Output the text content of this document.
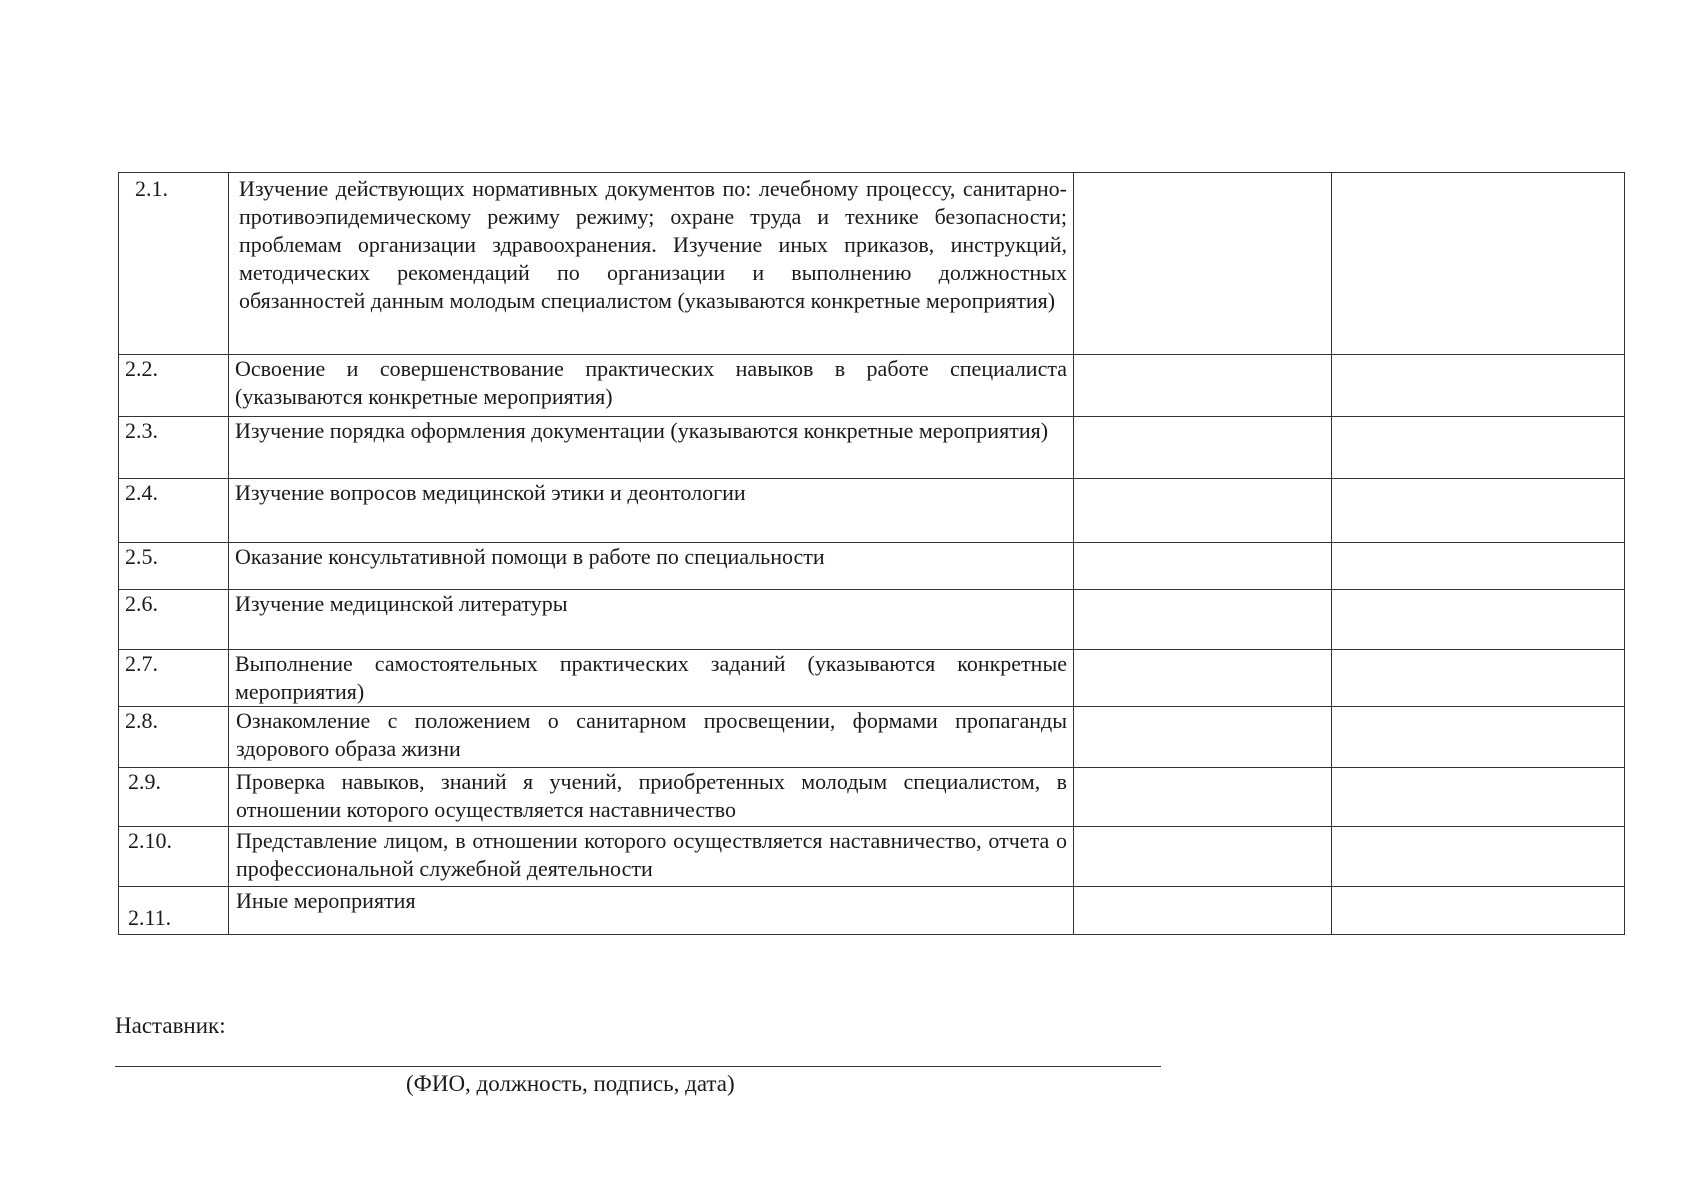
2.1.	Изучение действующих нормативных документов по: лечебному процессу, санитарно-противоэпидемическому режиму режиму; охране труда и технике безопасности; проблемам организации здравоохранения. Изучение иных приказов, инструкций, методических рекомендаций по организации и выполнению должностных обязанностей данным молодым специалистом (указываются конкретные мероприятия)		
2.2.	Освоение и совершенствование практических навыков в работе специалиста (указываются конкретные мероприятия)		
2.3.	Изучение порядка оформления документации (указываются конкретные мероприятия)		
2.4.	Изучение вопросов медицинской этики и деонтологии		
2.5.	Оказание консультативной помощи в работе по специальности		
2.6.	Изучение медицинской литературы		
2.7.	Выполнение самостоятельных практических заданий (указываются конкретные мероприятия)		
2.8.	Ознакомление с положением о санитарном просвещении, формами пропаганды здорового образа жизни		
2.9.	Проверка навыков, знаний я учений, приобретенных молодым специалистом, в отношении которого осуществляется наставничество		
2.10.	Представление лицом, в отношении которого осуществляется наставничество, отчета о профессиональной служебной деятельности		
2.11.	Иные мероприятия		
Наставник:
(ФИО, должность, подпись, дата)
